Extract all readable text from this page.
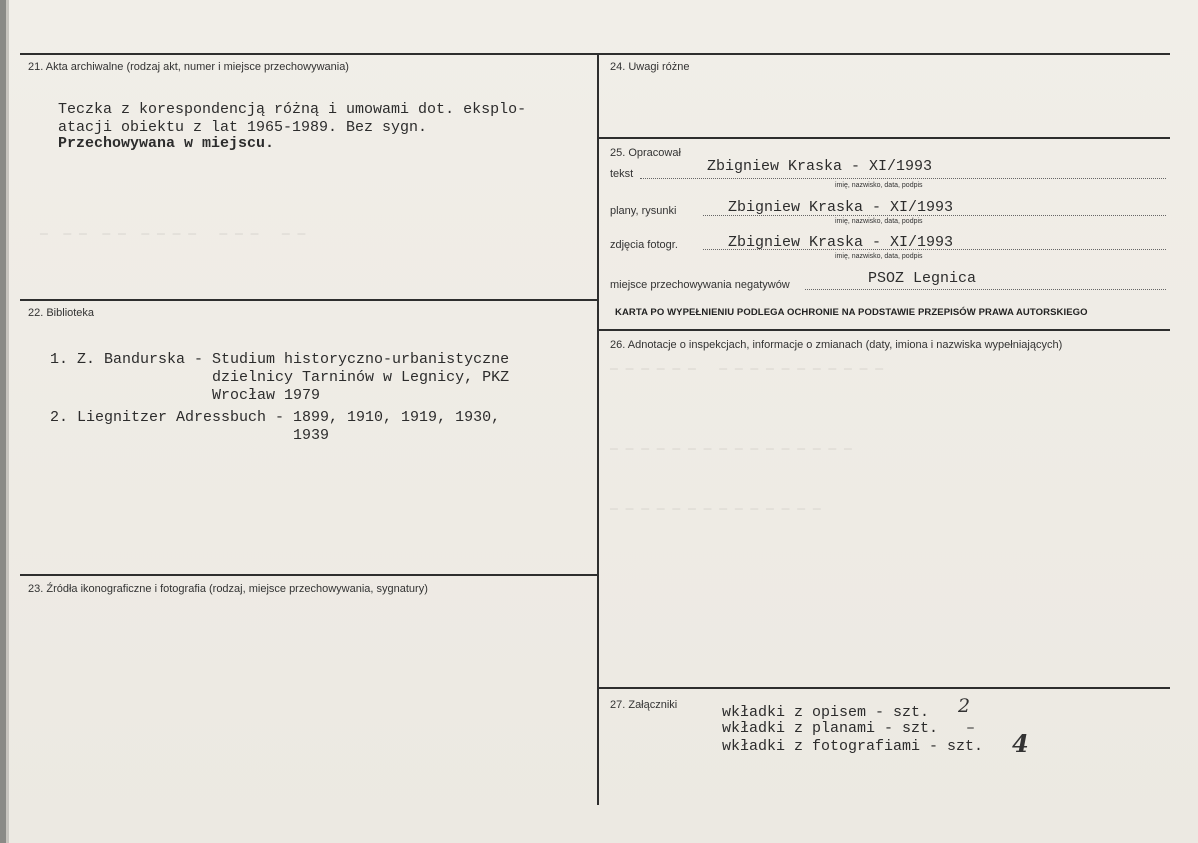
─  ─ ─  ─ ─  ─ ─ ─ ─   ─ ─ ─   ─ ─
─ ─ ─ ─ ─ ─   ─ ─ ─ ─ ─ ─ ─ ─ ─ ─ ─
─ ─ ─ ─ ─ ─ ─ ─ ─ ─ ─ ─ ─ ─ ─ ─
─ ─ ─ ─ ─ ─ ─ ─ ─ ─ ─ ─ ─ ─
21. Akta archiwalne (rodzaj akt, numer i miejsce przechowywania)
Teczka z korespondencją różną i umowami dot. eksplo-
atacji obiektu z lat 1965-1989. Bez sygn.
Przechowywana w miejscu.
22. Biblioteka
1. Z. Bandurska - Studium historyczno-urbanistyczne
dzielnicy Tarninów w Legnicy, PKZ
Wrocław 1979
2. Liegnitzer Adressbuch - 1899, 1910, 1919, 1930,
1939
23. Źródła ikonograficzne i fotografia (rodzaj, miejsce przechowywania, sygnatury)
24. Uwagi różne
25. Opracował
tekst	Zbigniew Kraska - XI/1993
imię, nazwisko, data, podpis
plany, rysunki	Zbigniew Kraska - XI/1993
imię, nazwisko, data, podpis
zdjęcia fotogr.	Zbigniew Kraska - XI/1993
imię, nazwisko, data, podpis
miejsce przechowywania negatywów	PSOZ Legnica
KARTA PO WYPEŁNIENIU PODLEGA OCHRONIE NA PODSTAWIE PRZEPISÓW PRAWA AUTORSKIEGO
26. Adnotacje o inspekcjach, informacje o zmianach (daty, imiona i nazwiska wypełniających)
27. Załączniki	wkładki z opisem - szt. 2
wkładki z planami - szt. –
wkładki z fotografiami - szt. 4
